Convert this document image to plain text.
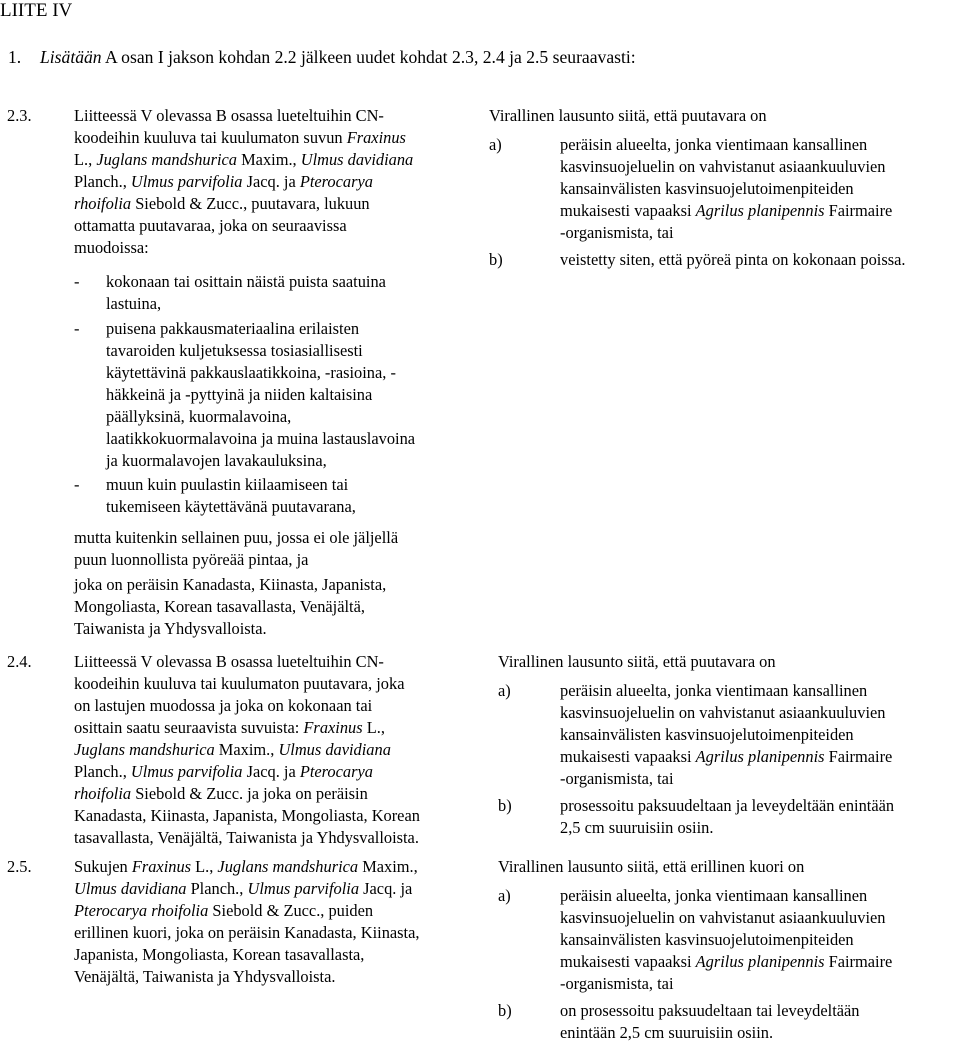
LIITE IV
1. Lisätään A osan I jakson kohdan 2.2 jälkeen uudet kohdat 2.3, 2.4 ja 2.5 seuraavasti:
2.3.	Liitteessä V olevassa B osassa lueteltuihin CN-
koodeihin kuuluva tai kuulumaton suvun Fraxinus
L., Juglans mandshurica Maxim., Ulmus davidiana
Planch., Ulmus parvifolia Jacq. ja Pterocarya
rhoifolia Siebold & Zucc., puutavara, lukuun
ottamatta puutavaraa, joka on seuraavissa
muodoissa:
-	kokonaan tai osittain näistä puista saatuina
lastuina,
-	puisena pakkausmateriaalina erilaisten
tavaroiden kuljetuksessa tosiasiallisesti
käytettävinä pakkauslaatikkoina, -rasioina, -
häkkeinä ja -pyttyinä ja niiden kaltaisina
päällyksinä, kuormalavoina,
laatikkokuormalavoina ja muina lastauslavoina
ja kuormalavojen lavakauluksina,
-	muun kuin puulastin kiilaamiseen tai
tukemiseen käytettävänä puutavarana,
mutta kuitenkin sellainen puu, jossa ei ole jäljellä
puun luonnollista pyöreää pintaa, ja
joka on peräisin Kanadasta, Kiinasta, Japanista,
Mongoliasta, Korean tasavallasta, Venäjältä,
Taiwanista ja Yhdysvalloista.
Virallinen lausunto siitä, että puutavara on
a)	peräisin alueelta, jonka vientimaan kansallinen
kasvinsuojeluelin on vahvistanut asiaankuuluvien
kansainvälisten kasvinsuojelutoimenpiteiden
mukaisesti vapaaksi Agrilus planipennis Fairmaire
-organismista, tai
b)	veistetty siten, että pyöreä pinta on kokonaan poissa.
2.4.	Liitteessä V olevassa B osassa lueteltuihin CN-
koodeihin kuuluva tai kuulumaton puutavara, joka
on lastujen muodossa ja joka on kokonaan tai
osittain saatu seuraavista suvuista: Fraxinus L.,
Juglans mandshurica Maxim., Ulmus davidiana
Planch., Ulmus parvifolia Jacq. ja Pterocarya
rhoifolia Siebold & Zucc. ja joka on peräisin
Kanadasta, Kiinasta, Japanista, Mongoliasta, Korean
tasavallasta, Venäjältä, Taiwanista ja Yhdysvalloista.
Virallinen lausunto siitä, että puutavara on
a)	peräisin alueelta, jonka vientimaan kansallinen
kasvinsuojeluelin on vahvistanut asiaankuuluvien
kansainvälisten kasvinsuojelutoimenpiteiden
mukaisesti vapaaksi Agrilus planipennis Fairmaire
-organismista, tai
b)	prosessoitu paksuudeltaan ja leveydeltään enintään
2,5 cm suuruisiin osiin.
2.5.	Sukujen Fraxinus L., Juglans mandshurica Maxim.,
Ulmus davidiana Planch., Ulmus parvifolia Jacq. ja
Pterocarya rhoifolia Siebold & Zucc., puiden
erillinen kuori, joka on peräisin Kanadasta, Kiinasta,
Japanista, Mongoliasta, Korean tasavallasta,
Venäjältä, Taiwanista ja Yhdysvalloista.
Virallinen lausunto siitä, että erillinen kuori on
a)	peräisin alueelta, jonka vientimaan kansallinen
kasvinsuojeluelin on vahvistanut asiaankuuluvien
kansainvälisten kasvinsuojelutoimenpiteiden
mukaisesti vapaaksi Agrilus planipennis Fairmaire
-organismista, tai
b)	on prosessoitu paksuudeltaan tai leveydeltään
enintään 2,5 cm suuruisiin osiin.
